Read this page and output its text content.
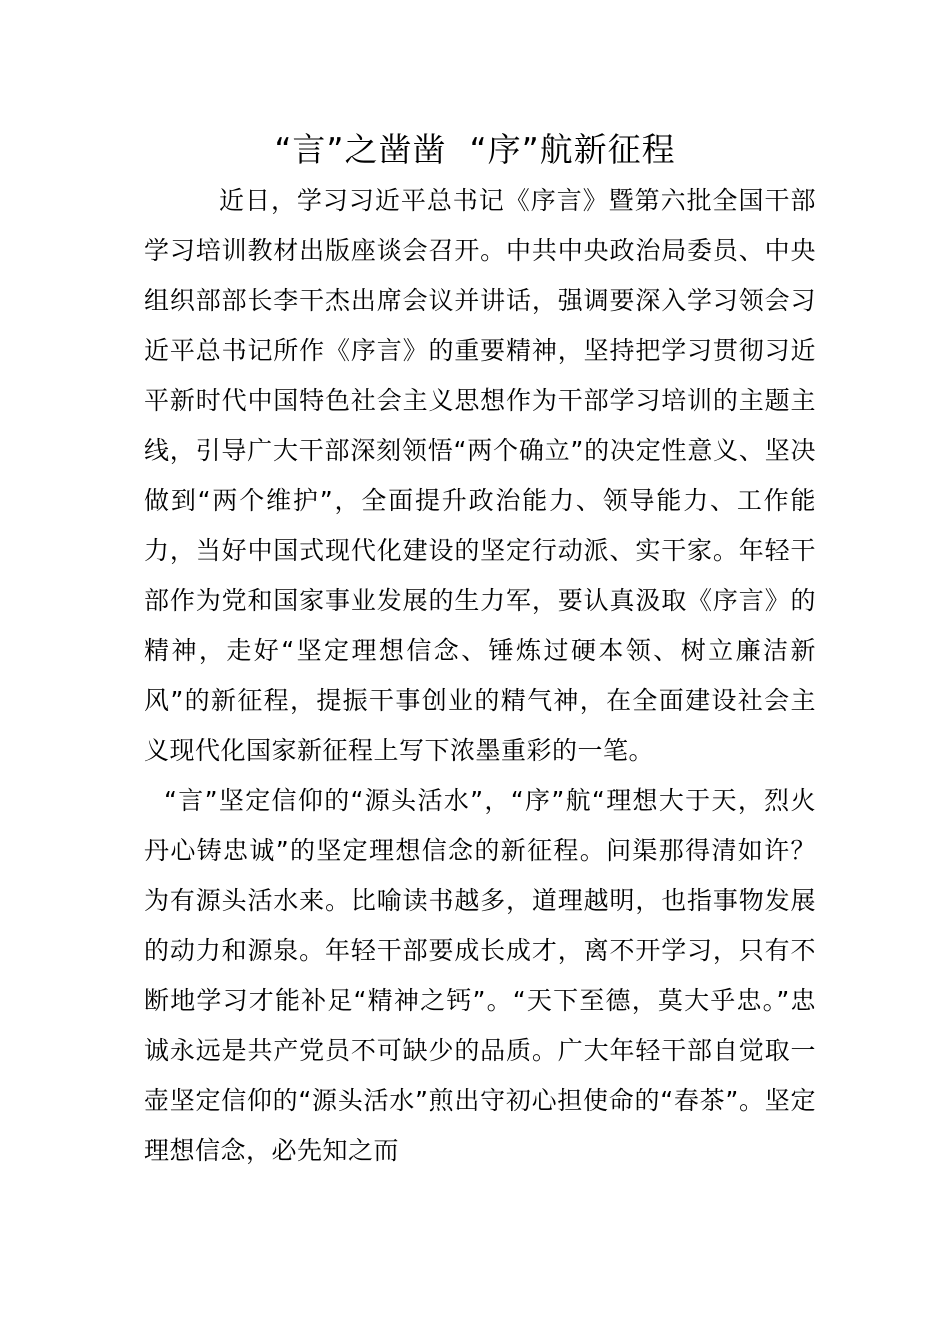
“言”之凿凿  “序”航新征程

近日，学习习近平总书记《序言》暨第六批全国干部学习培训教材出版座谈会召开。中共中央政治局委员、中央组织部部长李干杰出席会议并讲话，强调要深入学习领会习近平总书记所作《序言》的重要精神，坚持把学习贯彻习近平新时代中国特色社会主义思想作为干部学习培训的主题主线，引导广大干部深刻领悟“两个确立”的决定性意义、坚决做到“两个维护”，全面提升政治能力、领导能力、工作能力，当好中国式现代化建设的坚定行动派、实干家。年轻干部作为党和国家事业发展的生力军，要认真汲取《序言》的精神，走好“坚定理想信念、锤炼过硬本领、树立廉洁新风”的新征程，提振干事创业的精气神，在全面建设社会主义现代化国家新征程上写下浓墨重彩的一笔。

“言”坚定信仰的“源头活水”，“序”航“理想大于天，烈火丹心铸忠诚”的坚定理想信念的新征程。问渠那得清如许？为有源头活水来。比喻读书越多，道理越明，也指事物发展的动力和源泉。年轻干部要成长成才，离不开学习，只有不断地学习才能补足“精神之钙”。“天下至德，莫大乎忠。”忠诚永远是共产党员不可缺少的品质。广大年轻干部自觉取一壶坚定信仰的“源头活水”煎出守初心担使命的“春茶”。坚定理想信念，必先知之而
